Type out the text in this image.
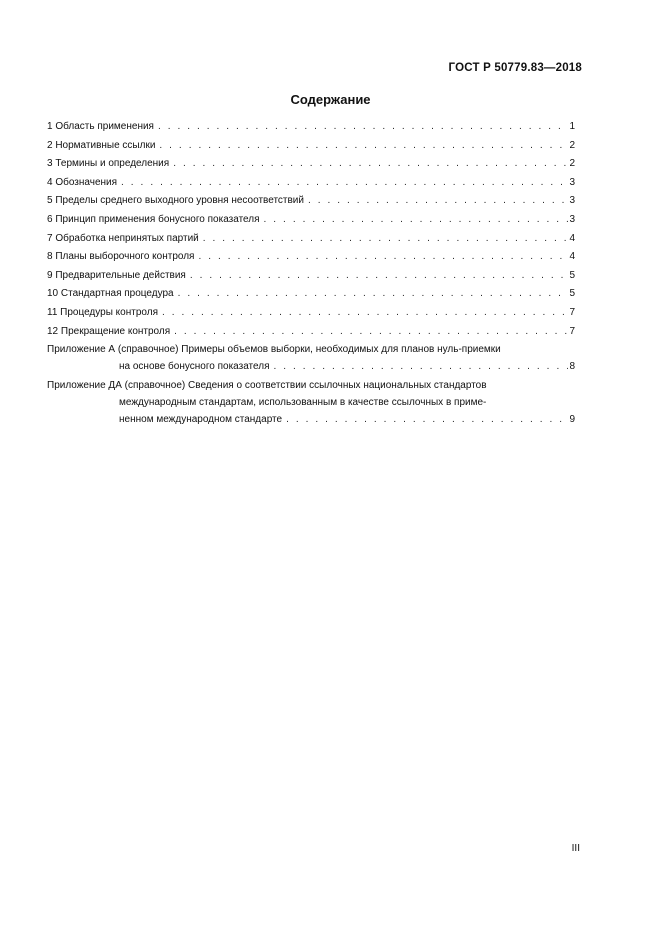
ГОСТ Р 50779.83—2018
Содержание
1 Область применения . . .	1
2 Нормативные ссылки . . .	2
3 Термины и определения . . .	2
4 Обозначения . . .	3
5 Пределы среднего выходного уровня несоответствий . . .	3
6 Принцип применения бонусного показателя . . .	3
7 Обработка непринятых партий . . .	4
8 Планы выборочного контроля . . .	4
9 Предварительные действия . . .	5
10 Стандартная процедура . . .	5
11 Процедуры контроля . . .	7
12 Прекращение контроля . . .	7
Приложение А (справочное) Примеры объемов выборки, необходимых для планов нуль-приемки
на основе бонусного показателя . . .	8
Приложение ДА (справочное) Сведения о соответствии ссылочных национальных стандартов
международным стандартам, использованным в качестве ссылочных в приме-
ненном международном стандарте . . .	9
III
